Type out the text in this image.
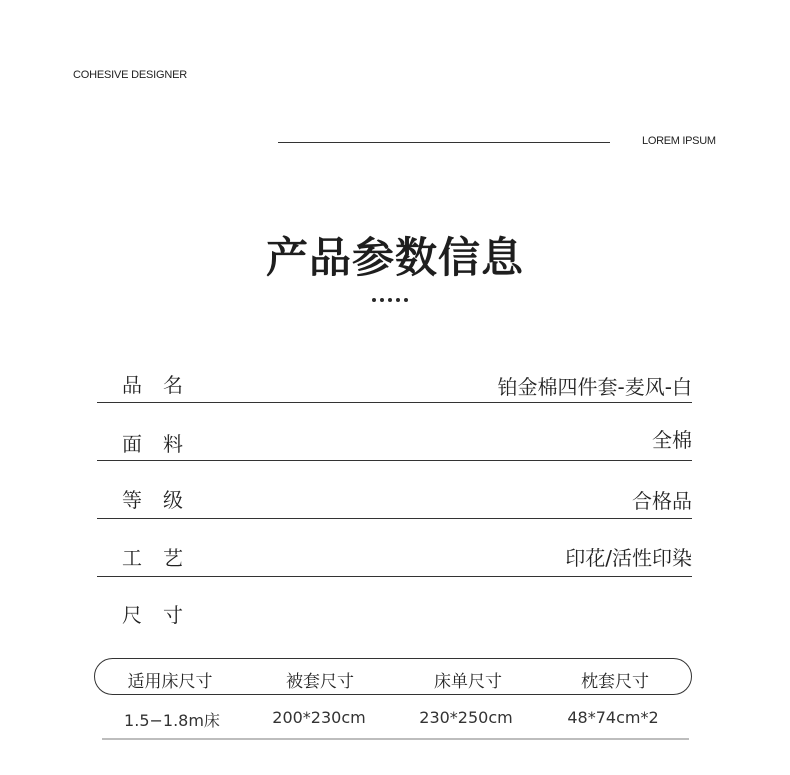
COHESIVE DESIGNER
LOREM IPSUM
产品参数信息
品名	铂金棉四件套-麦风-白
面料	全棉
等级	合格品
工艺	印花/活性印染
尺寸
适用床尺寸	被套尺寸	床单尺寸	枕套尺寸
1.5−1.8m床	200*230cm	230*250cm	48*74cm*2
